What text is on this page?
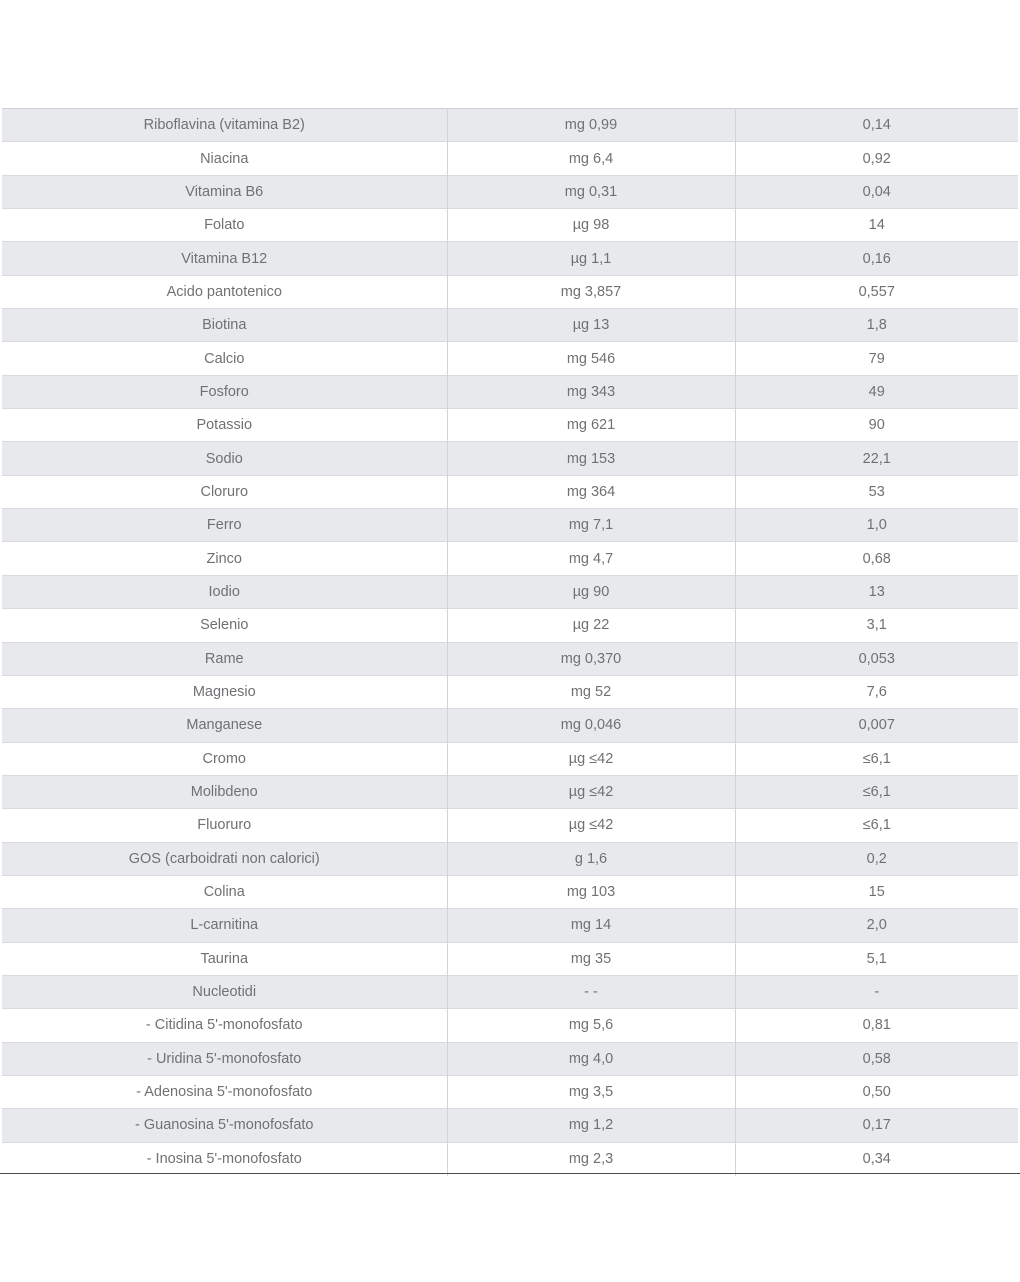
Riboflavina (vitamina B2)	mg 0,99	0,14
Niacina	mg 6,4	0,92
Vitamina B6	mg 0,31	0,04
Folato	µg 98	14
Vitamina B12	µg 1,1	0,16
Acido pantotenico	mg 3,857	0,557
Biotina	µg 13	1,8
Calcio	mg 546	79
Fosforo	mg 343	49
Potassio	mg 621	90
Sodio	mg 153	22,1
Cloruro	mg 364	53
Ferro	mg 7,1	1,0
Zinco	mg 4,7	0,68
Iodio	µg 90	13
Selenio	µg 22	3,1
Rame	mg 0,370	0,053
Magnesio	mg 52	7,6
Manganese	mg 0,046	0,007
Cromo	µg ≤42	≤6,1
Molibdeno	µg ≤42	≤6,1
Fluoruro	µg ≤42	≤6,1
GOS (carboidrati non calorici)	g 1,6	0,2
Colina	mg 103	15
L-carnitina	mg 14	2,0
Taurina	mg 35	5,1
Nucleotidi	- -	-
- Citidina 5'-monofosfato	mg 5,6	0,81
- Uridina 5'-monofosfato	mg 4,0	0,58
- Adenosina 5'-monofosfato	mg 3,5	0,50
- Guanosina 5'-monofosfato	mg 1,2	0,17
- Inosina 5'-monofosfato	mg 2,3	0,34
